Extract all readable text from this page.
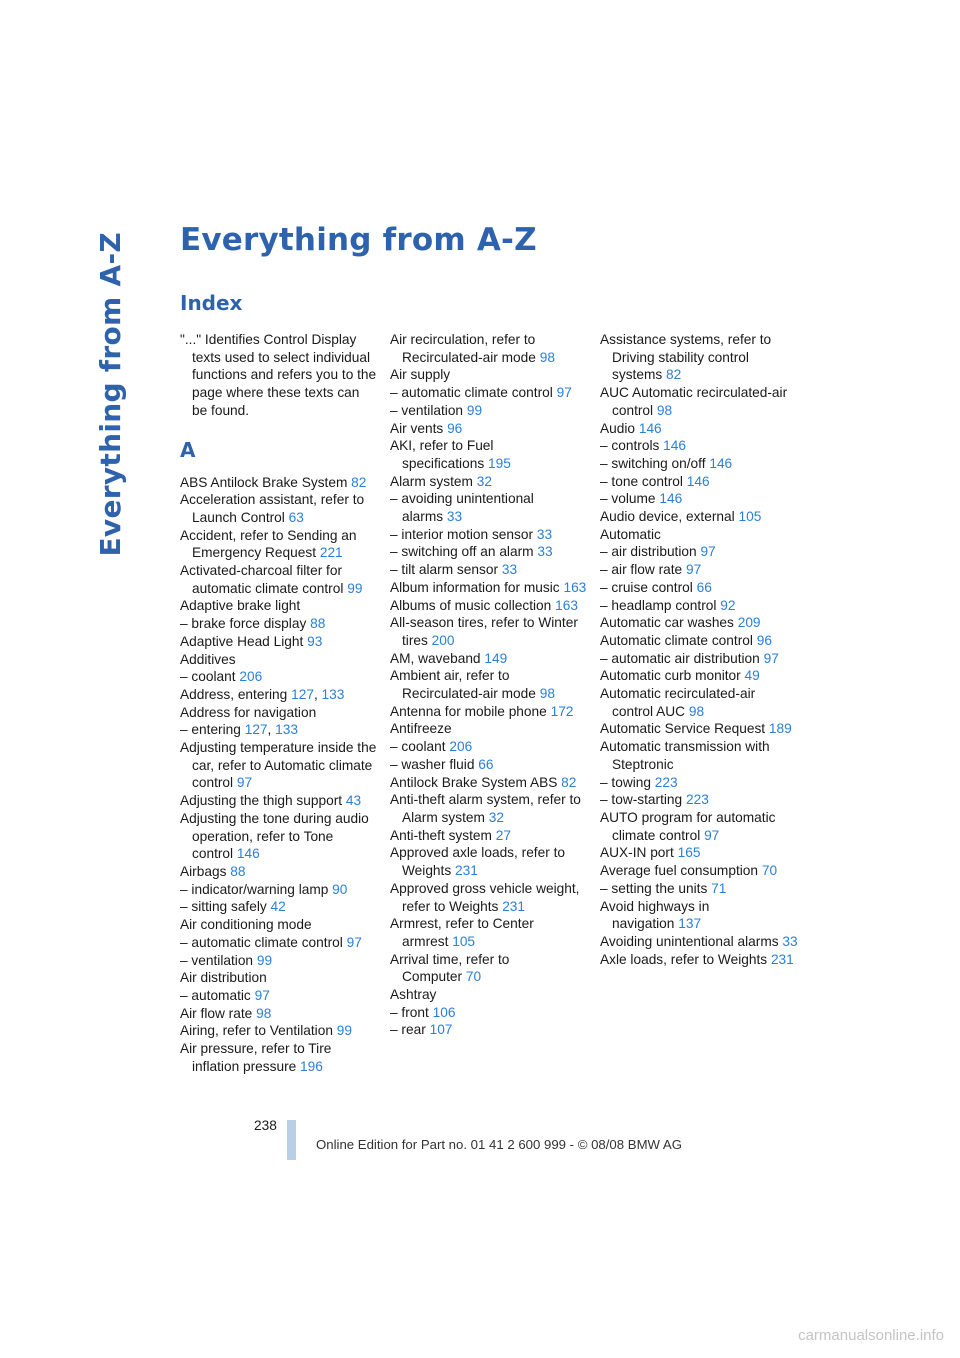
Everything from A-Z Everything from A-Z
Index

"..." Identifies Control Display texts used to select individual functions and refers you to the page where these texts can be found.

A

ABS Antilock Brake System 82

Acceleration assistant, refer to Launch Control 63

Accident, refer to Sending an Emergency Request 221

Activated-charcoal filter for automatic climate control 99

Adaptive brake light

– brake force display 88

Adaptive Head Light 93

Additives

– coolant 206

Address, entering 127, 133

Address for navigation

– entering 127, 133

Adjusting temperature inside the car, refer to Automatic climate control 97

Adjusting the thigh support 43

Adjusting the tone during audio operation, refer to Tone control 146

Airbags 88

– indicator/warning lamp 90

– sitting safely 42

Air conditioning mode

– automatic climate control 97

– ventilation 99

Air distribution

– automatic 97

Air flow rate 98

Airing, refer to Ventilation 99

Air pressure, refer to Tire inflation pressure 196

Air recirculation, refer to Recirculated-air mode 98

Air supply

– automatic climate control 97

– ventilation 99

Air vents 96

AKI, refer to Fuel specifications 195

Alarm system 32

– avoiding unintentional alarms 33

– interior motion sensor 33

– switching off an alarm 33

– tilt alarm sensor 33

Album information for music 163

Albums of music collection 163

All-season tires, refer to Winter tires 200

AM, waveband 149

Ambient air, refer to Recirculated-air mode 98

Antenna for mobile phone 172

Antifreeze

– coolant 206

– washer fluid 66

Antilock Brake System ABS 82

Anti-theft alarm system, refer to Alarm system 32

Anti-theft system 27

Approved axle loads, refer to Weights 231

Approved gross vehicle weight, refer to Weights 231

Armrest, refer to Center armrest 105

Arrival time, refer to Computer 70

Ashtray

– front 106

– rear 107

Assistance systems, refer to Driving stability control systems 82

AUC Automatic recirculated-air control 98

Audio 146

– controls 146

– switching on/off 146

– tone control 146

– volume 146

Audio device, external 105

Automatic

– air distribution 97

– air flow rate 97

– cruise control 66

– headlamp control 92

Automatic car washes 209

Automatic climate control 96

– automatic air distribution 97

Automatic curb monitor 49

Automatic recirculated-air control AUC 98

Automatic Service Request 189

Automatic transmission with Steptronic

– towing 223

– tow-starting 223

AUTO program for automatic climate control 97

AUX-IN port 165

Average fuel consumption 70

– setting the units 71

Avoid highways in navigation 137

Avoiding unintentional alarms 33

Axle loads, refer to Weights 231

238
Online Edition for Part no. 01 41 2 600 999 - © 08/08 BMW AG
carmanualsonline.info
